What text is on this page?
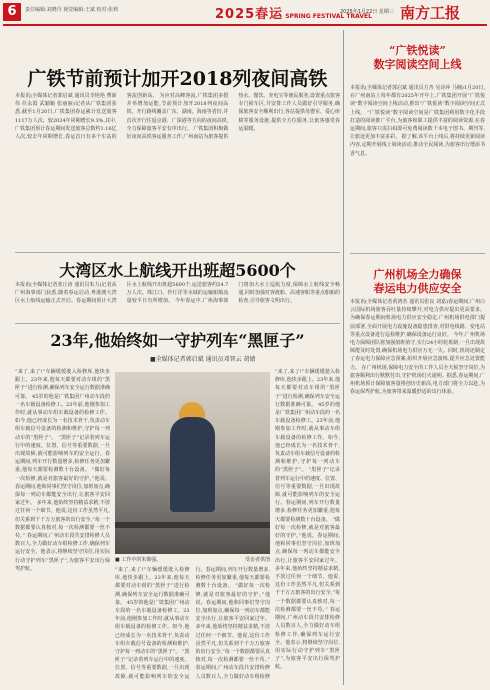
6	责任编辑:刘晓丹 视觉编辑:王斌 校对:张莉	2025春运 SPRING FESTIVAL TRAVEL
2025年1月22日 星期三 南方工报
广铁节前预计加开2018列夜间高铁
本报讯(全媒体记者郭启斌 通讯员李艳艳 曹新伟 任永霞 武颖颖 张丽丽)记者从广铁集团获悉,截至1月20日,广铁集团春运累计发送旅客1117万人次。较2024年同期增长9.3%,其中,广铁集团预计春运期间发送旅客总数约1.16亿人次,较去年同期增长,春运首日有多个车站的客流创新高。 为应对高峰客流,广铁集团多措并举增加运能,节前预计加开2018列夜间高铁。开行路线覆盖广东、湖南、海南等省份,并首次开行往返京港、广深港等方向的夜间高铁,全力保障旅客平安有序出行。 广铁集团积极做好夜间高铁客运服务工作,广州南站为旅客提供热水、餐饮、充电宝等便民服务,设置重点旅客专门候车区,并安排工作人员做好引导服务,确保旅客安全顺利出行,各站提供母婴室、爱心座椅等服务设施,提供全方位服务,让旅客感受春运温暖。
大湾区水上航线开出班超5600个
本报讯(全媒体记者张丘涛 通讯员朱力)记者从广州海事部门获悉,随着春运启动,粤港澳大湾区水上航线运输正式开启。春运期间预计大湾区水上航线开出班超5600个,运送旅客约54.7万人次。珠江口、伶仃洋等水域的运输船舶流量较平日有所增加。 今年春运中,广州海事部门将加大水上巡航力度,保障水上航线安全畅通,同时加强对客渡船、高速客船等重点船舶的检查,引导旅客文明出行。
23年,他始终如一守护列车“黑匣子”
■全媒体记者郭启斌 通讯员邓智云 胡婧
“来了,来了!”车辆缓缓驶入检修库,他快步跟上。23年来,他每天都要对动车组的“黑匣子”进行检测,确保列车安全运行数据准确可靠。 45岁的他是广铁集团广州动车段的一名车载设备检修工。23年前,他刚参加工作时,就从事动车组车载设备的检修工作。如今,他已经成长为一名技术骨干,负责动车组车载信号设备的检测和维护,守护每一列动车的“黑匣子”。 “黑匣子”记录着列车运行中的速度、位置、信号等重要数据,一旦出现故障,就可能影响列车的安全运行。春运期间,列车开行数量增多,检修任务更加繁重,他每天都要检测数十台设备。 “做好每一次检修,就是对旅客最好的守护。”他说。春运期间,他和同事们坚守岗位,加班加点,确保每一列动车都能安全出行,让旅客平安回家过年。 多年来,他始终坚持精益求精,不放过任何一个细节。他说,这份工作虽然平凡,但关系到千千万万旅客的出行安全,“每一个数据都要认真核对,每一次检测都要一丝不苟。” 春运期间,广州动车段共安排检修人员数百人,全力做好动车组检修工作,确保列车运行安全。他表示,将继续坚守岗位,用实际行动守护列车“黑匣子”,为旅客平安出行保驾护航。
■ 工作中的朱锦强。	受访者供图
“来了,来了!”车辆缓缓驶入检修库,他快步跟上。23年来,他每天都要对动车组的“黑匣子”进行检测,确保列车安全运行数据准确可靠。 45岁的他是广铁集团广州动车段的一名车载设备检修工。23年前,他刚参加工作时,就从事动车组车载设备的检修工作。如今,他已经成长为一名技术骨干,负责动车组车载信号设备的检测和维护,守护每一列动车的“黑匣子”。 “黑匣子”记录着列车运行中的速度、位置、信号等重要数据,一旦出现故障,就可能影响列车的安全运行。春运期间,列车开行数量增多,检修任务更加繁重,他每天都要检测数十台设备。 “做好每一次检修,就是对旅客最好的守护。”他说。春运期间,他和同事们坚守岗位,加班加点,确保每一列动车都能安全出行,让旅客平安回家过年。 多年来,他始终坚持精益求精,不放过任何一个细节。他说,这份工作虽然平凡,但关系到千千万万旅客的出行安全,“每一个数据都要认真核对,每一次检测都要一丝不苟。” 春运期间,广州动车段共安排检修人员数百人,全力做好动车组检修
“来了,来了!”车辆缓缓驶入检修库,他快步跟上。23年来,他每天都要对动车组的“黑匣子”进行检测,确保列车安全运行数据准确可靠。 45岁的他是广铁集团广州动车段的一名车载设备检修工。23年前,他刚参加工作时,就从事动车组车载设备的检修工作。如今,他已经成长为一名技术骨干,负责动车组车载信号设备的检测和维护,守护每一列动车的“黑匣子”。 “黑匣子”记录着列车运行中的速度、位置、信号等重要数据,一旦出现故障,就可能影响列车的安全运行。春运期间,列车开行数量增多,检修任务更加繁重,他每天都要检测数十台设备。 “做好每一次检修,就是对旅客最好的守护。”他说。春运期间,他和同事们坚守岗位,加班加点,确保每一列动车都能安全出行,让旅客平安回家过年。 多年来,他始终坚持精益求精,不放过任何一个细节。他说,这份工作虽然平凡,但关系到千千万万旅客的出行安全,“每一个数据都要认真核对,每一次检测都要一丝不苟。” 春运期间,广州动车段共安排检修人员数百人,全力做好动车组检修工作,确保列车运行安全。他表示,将继续坚守岗位,用实际行动守护列车“黑匣子”,为旅客平安出行保驾护航。
“广铁悦读”
数字阅读空间上线
本报讯(全媒体记者郭启斌 通讯员方杏 吴诗萍 马楠)1月20日,在广州南站上每年都有2025年开年上,广铁集团开展“广铁悦读”数字阅读空间上线活动,推出“广铁悦读”数字阅读空间正式上线。 “广铁悦读”数字阅读空间是广铁集团利用数字化手段打造的阅读推广平台,为旅客和职工提供丰富的阅读资源,在春运期间,旅客只需扫码即可免费阅读数千本电子图书、期刊等,让旅途更加丰富多彩。 据了解,该平台上线后,将持续更新阅读内容,定期开展线上阅读活动,推动全民阅读,为旅客出行增添书香气息。
广州机场全力确保
春运电力供应安全
本报讯(全媒体记者黄鸿杰 通讯员张良 刘嘉)春运期间,广州白云国际机场旅客吞吐量持续攀升,对电力供应提出更高要求。为确保春运期间机场电力供应安全稳定,广州机场供电部门提前部署,全面开展电力设施设备隐患排查,对供电线路、变电站等重点设备进行巡检维护,确保设备运行良好。 今年,广州机场电力保障团队将加强值班值守,实行24小时轮班制,一旦出现故障能及时处置,确保机场电力供应万无一失。同时,机场还制定了春运电力保障应急预案,组织开展应急演练,提升应急处置能力。 在广州机场,保障电力安全的工作人员全天候坚守岗位,为旅客顺利出行默默付出,守护机场灯火通明。据悉,春运期间,广州机场预计保障旅客量将创历史新高,电力部门将全力以赴,为春运保驾护航,为旅客带来温暖舒适的出行体验。
